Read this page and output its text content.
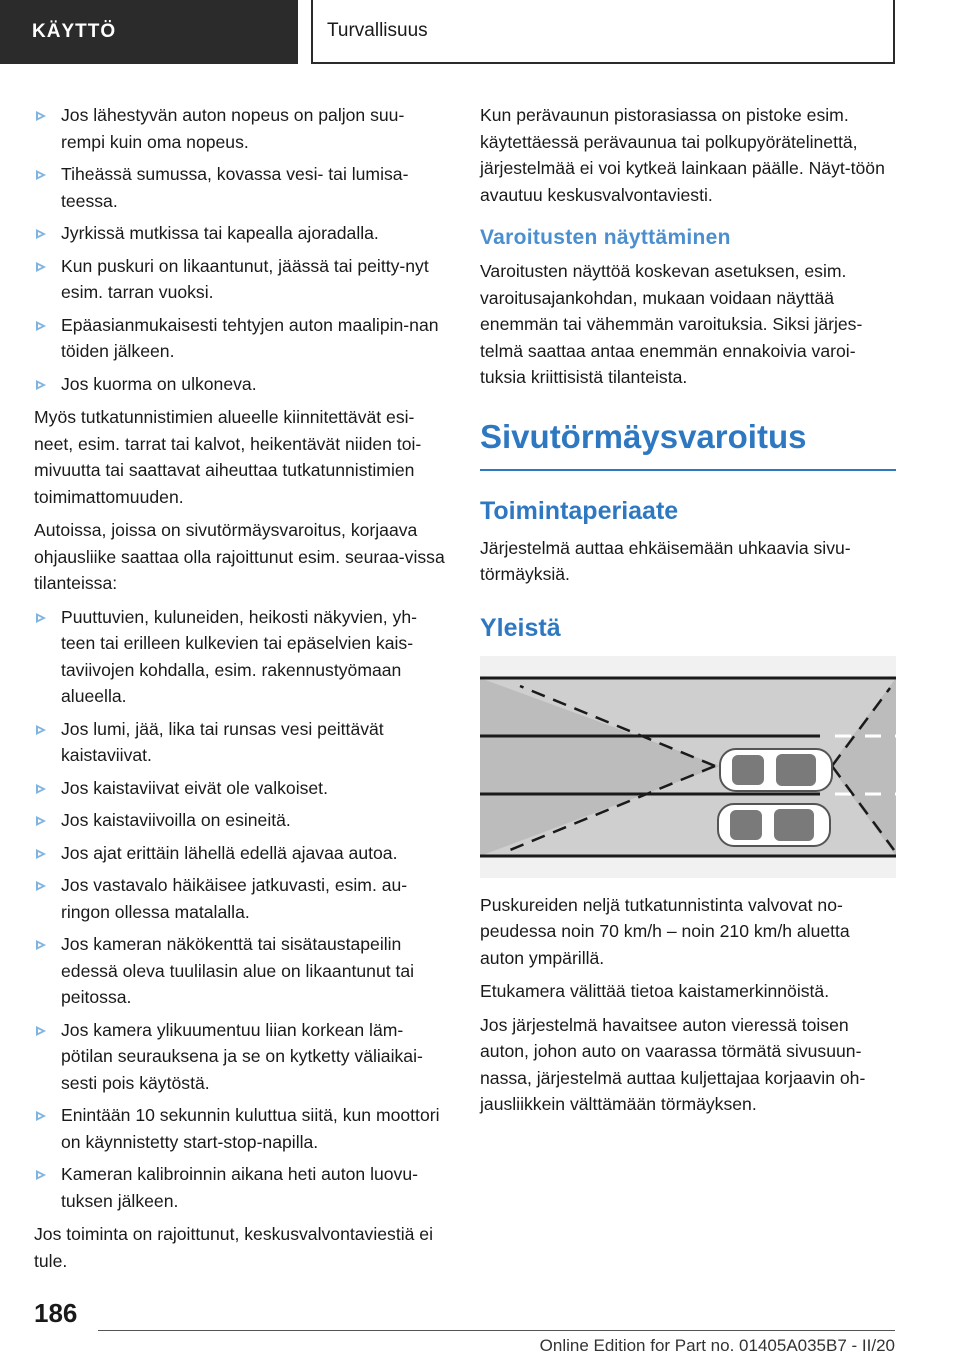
KÄYTTÖ	Turvallisuus
Jos lähestyvän auton nopeus on paljon suu-rempi kuin oma nopeus.
Tiheässä sumussa, kovassa vesi- tai lumisa-teessa.
Jyrkissä mutkissa tai kapealla ajoradalla.
Kun puskuri on likaantunut, jäässä tai peitty-nyt esim. tarran vuoksi.
Epäasianmukaisesti tehtyjen auton maalipin-nan töiden jälkeen.
Jos kuorma on ulkoneva.

Myös tutkatunnistimien alueelle kiinnitettävät esi-neet, esim. tarrat tai kalvot, heikentävät niiden toi-mivuutta tai saattavat aiheuttaa tutkatunnistimien toimimattomuuden.

Autoissa, joissa on sivutörmäysvaroitus, korjaava ohjausliike saattaa olla rajoittunut esim. seuraa-vissa tilanteissa:

Puuttuvien, kuluneiden, heikosti näkyvien, yh-teen tai erilleen kulkevien tai epäselvien kais-taviivojen kohdalla, esim. rakennustyömaan alueella.
Jos lumi, jää, lika tai runsas vesi peittävät kaistaviivat.
Jos kaistaviivat eivät ole valkoiset.
Jos kaistaviivoilla on esineitä.
Jos ajat erittäin lähellä edellä ajavaa autoa.
Jos vastavalo häikäisee jatkuvasti, esim. au-ringon ollessa matalalla.
Jos kameran näkökenttä tai sisätaustapeilin edessä oleva tuulilasin alue on likaantunut tai peitossa.
Jos kamera ylikuumentuu liian korkean läm-pötilan seurauksena ja se on kytketty väliaikai-sesti pois käytöstä.
Enintään 10 sekunnin kuluttua siitä, kun moottori on käynnistetty start-stop-napilla.
Kameran kalibroinnin aikana heti auton luovu-tuksen jälkeen.

Jos toiminta on rajoittunut, keskusvalvontaviestiä ei tule.

Kun perävaunun pistorasiassa on pistoke esim. käytettäessä perävaunua tai polkupyörätelinettä, järjestelmää ei voi kytkeä lainkaan päälle. Näyt-töön avautuu keskusvalvontaviesti.

Varoitusten näyttäminen

Varoitusten näyttöä koskevan asetuksen, esim. varoitusajankohdan, mukaan voidaan näyttää enemmän tai vähemmän varoituksia. Siksi järjes-telmä saattaa antaa enemmän ennakoivia varoi-tuksia kriittisistä tilanteista.

Sivutörmäysvaroitus
Toimintaperiaate

Järjestelmä auttaa ehkäisemään uhkaavia sivu-törmäyksiä.

Yleistä

Puskureiden neljä tutkatunnistinta valvovat no-peudessa noin 70 km/h – noin 210 km/h aluetta auton ympärillä.

Etukamera välittää tietoa kaistamerkinnöistä.

Jos järjestelmä havaitsee auton vieressä toisen auton, johon auto on vaarassa törmätä sivusuun-nassa, järjestelmä auttaa kuljettajaa korjaavin oh-jausliikkein välttämään törmäyksen.

186
Online Edition for Part no. 01405A035B7 - II/20
